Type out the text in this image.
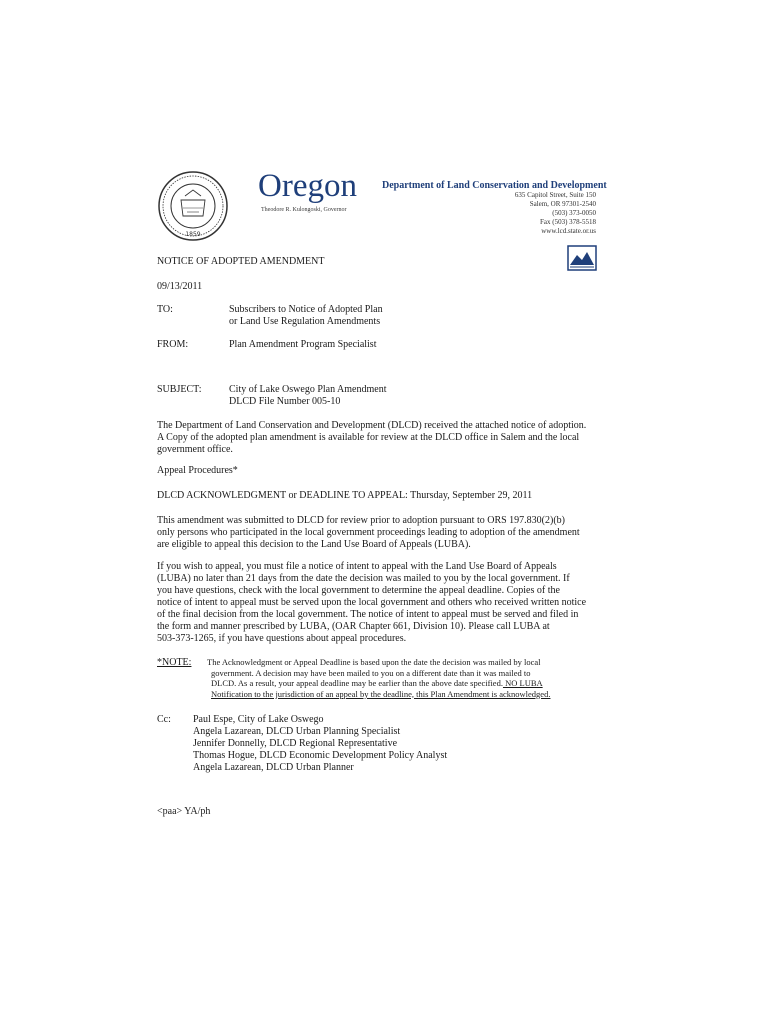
1859
Oregon
Theodore R. Kulongoski, Governor
Department of Land Conservation and Development
635 Capitol Street, Suite 150
Salem, OR 97301-2540
(503) 373-0050
Fax (503) 378-5518
www.lcd.state.or.us
NOTICE OF ADOPTED AMENDMENT
09/13/2011
TO:	Subscribers to Notice of Adopted Plan
or Land Use Regulation Amendments
FROM:	Plan Amendment Program Specialist
SUBJECT:	City of Lake Oswego Plan Amendment
DLCD File Number 005-10
The Department of Land Conservation and Development (DLCD) received the attached notice of adoption.
A Copy of the adopted plan amendment is available for review at the DLCD office in Salem and the local
government office.
Appeal Procedures*
DLCD ACKNOWLEDGMENT or DEADLINE TO APPEAL: Thursday, September 29, 2011
This amendment was submitted to DLCD for review prior to adoption pursuant to ORS 197.830(2)(b)
only persons who participated in the local government proceedings leading to adoption of the amendment
are eligible to appeal this decision to the Land Use Board of Appeals (LUBA).
If you wish to appeal, you must file a notice of intent to appeal with the Land Use Board of Appeals
(LUBA) no later than 21 days from the date the decision was mailed to you by the local government. If
you have questions, check with the local government to determine the appeal deadline. Copies of the
notice of intent to appeal must be served upon the local government and others who received written notice
of the final decision from the local government. The notice of intent to appeal must be served and filed in
the form and manner prescribed by LUBA, (OAR Chapter 661, Division 10). Please call LUBA at
503-373-1265, if you have questions about appeal procedures.
*NOTE: The Acknowledgment or Appeal Deadline is based upon the date the decision was mailed by local
government. A decision may have been mailed to you on a different date than it was mailed to
DLCD. As a result, your appeal deadline may be earlier than the above date specified. NO LUBA
Notification to the jurisdiction of an appeal by the deadline, this Plan Amendment is acknowledged.
Cc: Paul Espe, City of Lake Oswego
Angela Lazarean, DLCD Urban Planning Specialist
Jennifer Donnelly, DLCD Regional Representative
Thomas Hogue, DLCD Economic Development Policy Analyst
Angela Lazarean, DLCD Urban Planner
<paa> YA/ph
